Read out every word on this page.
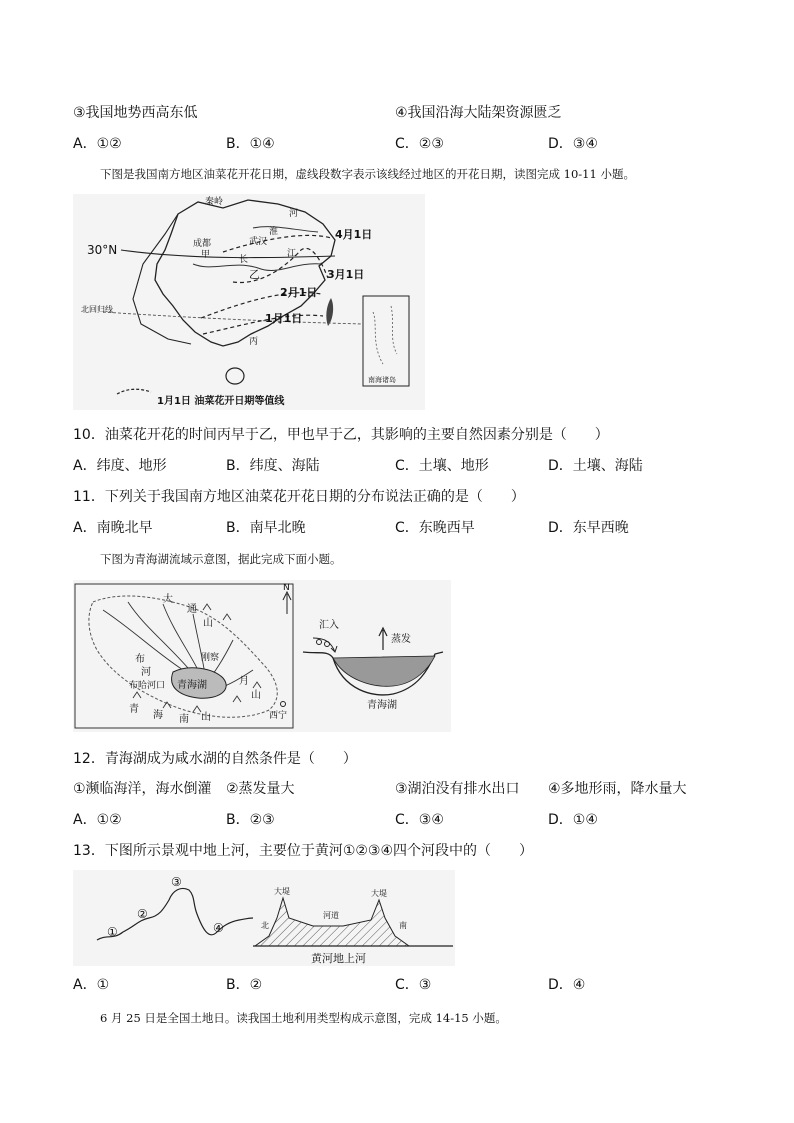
③我国地势西高东低	④我国沿海大陆架资源匮乏
A．①②	B．①④	C．②③	D．③④
下图是我国南方地区油菜花开花日期，虚线段数字表示该线经过地区的开花日期，读图完成 10-11 小题。
秦岭
河
淮
成都
甲
武汉
江
长
乙
丙
北回归线
南海诸岛
30°N
4月1日
3月1日
2月1日
1月1日
1月1日 油菜花开日期等值线
10．油菜花开花的时间丙早于乙，甲也早于乙，其影响的主要自然因素分别是（　　）
A．纬度、地形	B．纬度、海陆	C．土壤、地形	D．土壤、海陆
11．下列关于我国南方地区油菜花开花日期的分布说法正确的是（　　）
A．南晚北早	B．南早北晚	C．东晚西早	D．东早西晚
下图为青海湖流域示意图，据此完成下面小题。
N
大
通
山
布
河
布哈河口 青海湖
刚察
月
山
青
海 南 山	西宁
汇入
蒸发
青海湖
12．青海湖成为咸水湖的自然条件是（　　）
①濒临海洋，海水倒灌 ②蒸发量大	③湖泊没有排水出口 ④多地形雨，降水量大
A．①②	B．②③	C．③④	D．①④
13．下图所示景观中地上河，主要位于黄河①②③④四个河段中的（　　）
①
②
③
④
大堤	大堤
河道
北	南
黄河地上河
A．①	B．②	C．③	D．④
6 月 25 日是全国土地日。读我国土地利用类型构成示意图，完成 14-15 小题。
